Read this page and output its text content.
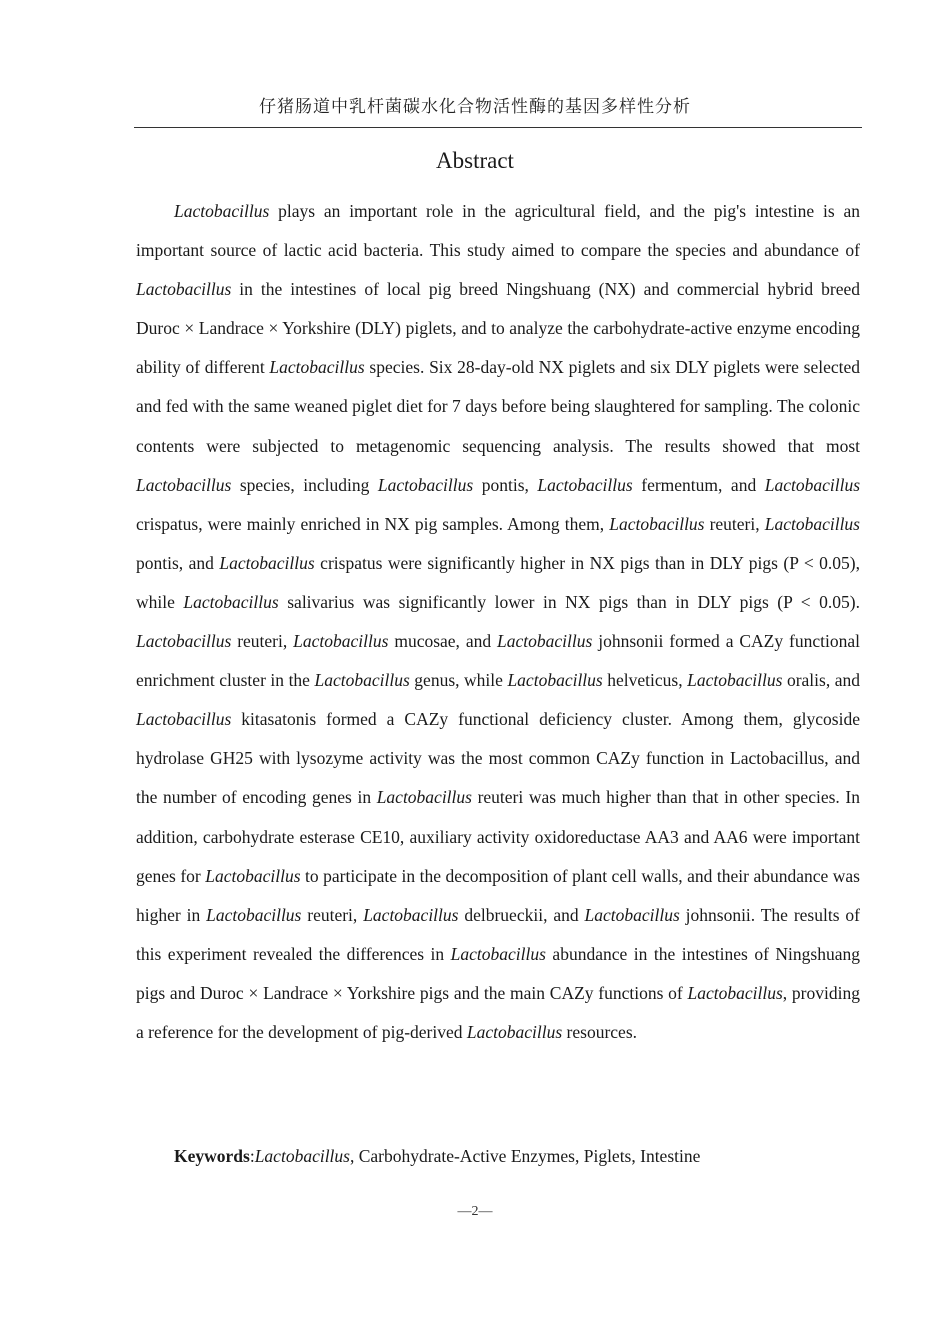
仔猪肠道中乳杆菌碳水化合物活性酶的基因多样性分析
Abstract

Lactobacillus plays an important role in the agricultural field, and the pig's intestine is an important source of lactic acid bacteria. This study aimed to compare the species and abundance of Lactobacillus in the intestines of local pig breed Ningshuang (NX) and commercial hybrid breed Duroc × Landrace × Yorkshire (DLY) piglets, and to analyze the carbohydrate-active enzyme encoding ability of different Lactobacillus species. Six 28-day-old NX piglets and six DLY piglets were selected and fed with the same weaned piglet diet for 7 days before being slaughtered for sampling. The colonic contents were subjected to metagenomic sequencing analysis. The results showed that most Lactobacillus species, including Lactobacillus pontis, Lactobacillus fermentum, and Lactobacillus crispatus, were mainly enriched in NX pig samples. Among them, Lactobacillus reuteri, Lactobacillus pontis, and Lactobacillus crispatus were significantly higher in NX pigs than in DLY pigs (P < 0.05), while Lactobacillus salivarius was significantly lower in NX pigs than in DLY pigs (P < 0.05). Lactobacillus reuteri, Lactobacillus mucosae, and Lactobacillus johnsonii formed a CAZy functional enrichment cluster in the Lactobacillus genus, while Lactobacillus helveticus, Lactobacillus oralis, and Lactobacillus kitasatonis formed a CAZy functional deficiency cluster. Among them, glycoside hydrolase GH25 with lysozyme activity was the most common CAZy function in Lactobacillus, and the number of encoding genes in Lactobacillus reuteri was much higher than that in other species. In addition, carbohydrate esterase CE10, auxiliary activity oxidoreductase AA3 and AA6 were important genes for Lactobacillus to participate in the decomposition of plant cell walls, and their abundance was higher in Lactobacillus reuteri, Lactobacillus delbrueckii, and Lactobacillus johnsonii. The results of this experiment revealed the differences in Lactobacillus abundance in the intestines of Ningshuang pigs and Duroc × Landrace × Yorkshire pigs and the main CAZy functions of Lactobacillus, providing a reference for the development of pig-derived Lactobacillus resources.

Keywords:Lactobacillus, Carbohydrate-Active Enzymes, Piglets, Intestine
—2—
